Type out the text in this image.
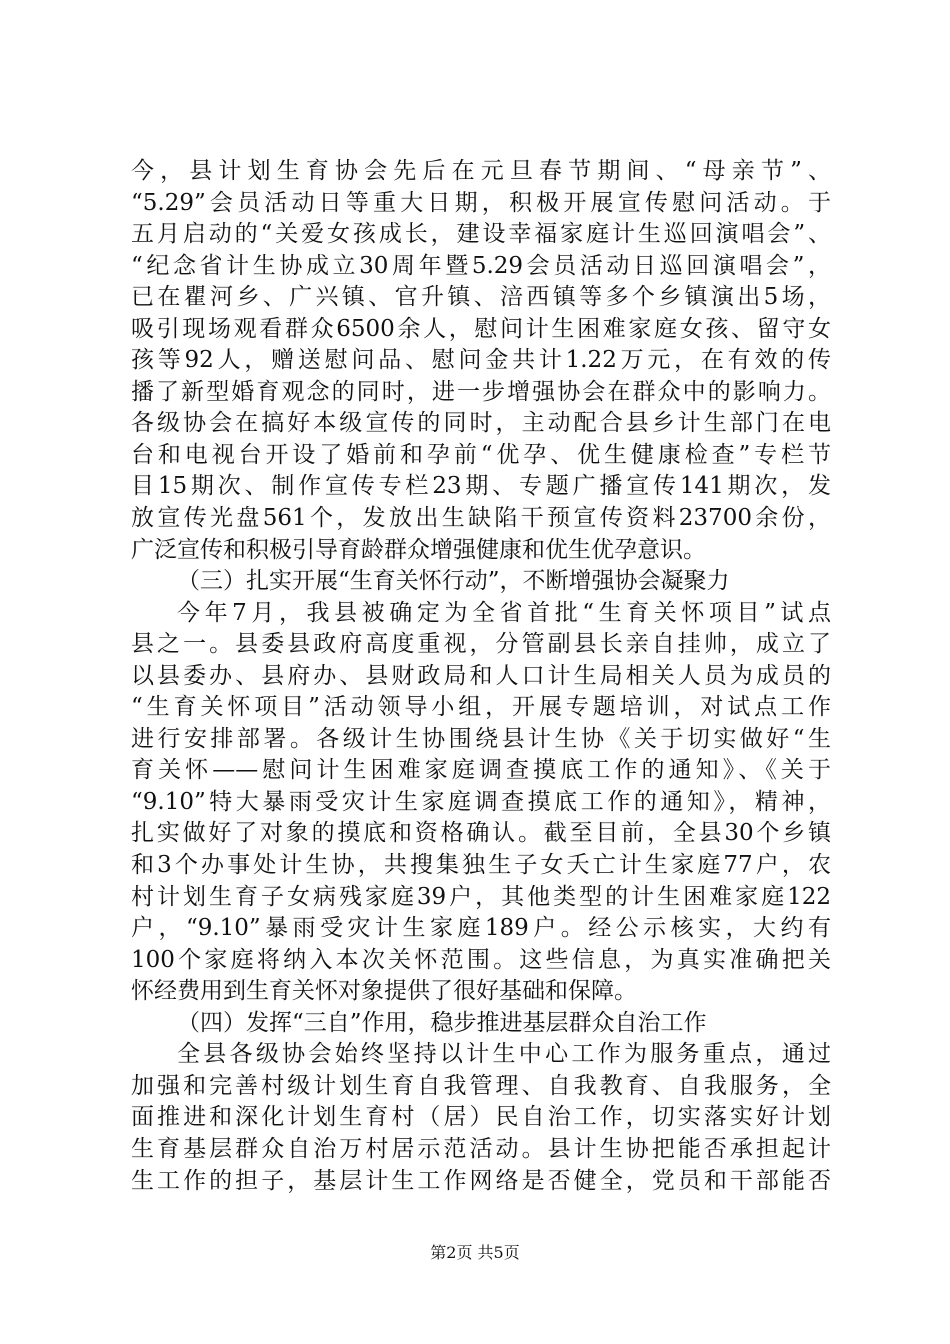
今，县计划生育协会先后在元旦春节期间、“母亲节”、
“5.29”会员活动日等重大日期，积极开展宣传慰问活动。于
五月启动的“关爱女孩成长，建设幸福家庭计生巡回演唱会”、
“纪念省计生协成立30周年暨5.29会员活动日巡回演唱会”，
已在瞿河乡、广兴镇、官升镇、涪西镇等多个乡镇演出5场，
吸引现场观看群众6500余人，慰问计生困难家庭女孩、留守女
孩等92人，赠送慰问品、慰问金共计1.22万元，在有效的传
播了新型婚育观念的同时，进一步增强协会在群众中的影响力。
各级协会在搞好本级宣传的同时，主动配合县乡计生部门在电
台和电视台开设了婚前和孕前“优孕、优生健康检查”专栏节
目15期次、制作宣传专栏23期、专题广播宣传141期次，发
放宣传光盘561个，发放出生缺陷干预宣传资料23700余份，
广泛宣传和积极引导育龄群众增强健康和优生优孕意识。
（三）扎实开展“生育关怀行动”，不断增强协会凝聚力
今年7月，我县被确定为全省首批“生育关怀项目”试点
县之一。县委县政府高度重视，分管副县长亲自挂帅，成立了
以县委办、县府办、县财政局和人口计生局相关人员为成员的
“生育关怀项目”活动领导小组，开展专题培训，对试点工作
进行安排部署。各级计生协围绕县计生协《关于切实做好“生
育关怀——慰问计生困难家庭调查摸底工作的通知》、《关于
“9.10”特大暴雨受灾计生家庭调查摸底工作的通知》，精神，
扎实做好了对象的摸底和资格确认。截至目前，全县30个乡镇
和3个办事处计生协，共搜集独生子女夭亡计生家庭77户，农
村计划生育子女病残家庭39户，其他类型的计生困难家庭122
户，“9.10”暴雨受灾计生家庭189户。经公示核实，大约有
100个家庭将纳入本次关怀范围。这些信息，为真实准确把关
怀经费用到生育关怀对象提供了很好基础和保障。
（四）发挥“三自”作用，稳步推进基层群众自治工作
全县各级协会始终坚持以计生中心工作为服务重点，通过
加强和完善村级计划生育自我管理、自我教育、自我服务，全
面推进和深化计划生育村（居）民自治工作，切实落实好计划
生育基层群众自治万村居示范活动。县计生协把能否承担起计
生工作的担子，基层计生工作网络是否健全，党员和干部能否
第2页 共5页
